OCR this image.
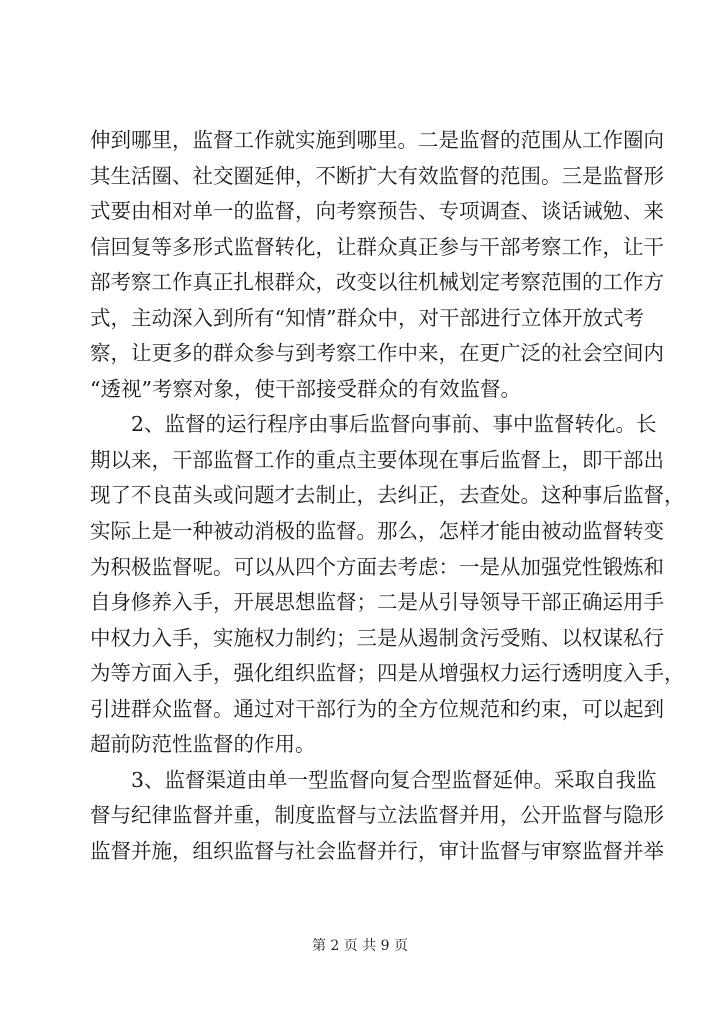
伸到哪里，监督工作就实施到哪里。二是监督的范围从工作圈向
其生活圈、社交圈延伸，不断扩大有效监督的范围。三是监督形
式要由相对单一的监督，向考察预告、专项调查、谈话诫勉、来
信回复等多形式监督转化，让群众真正参与干部考察工作，让干
部考察工作真正扎根群众，改变以往机械划定考察范围的工作方
式，主动深入到所有“知情”群众中，对干部进行立体开放式考
察，让更多的群众参与到考察工作中来，在更广泛的社会空间内
“透视”考察对象，使干部接受群众的有效监督。
2、监督的运行程序由事后监督向事前、事中监督转化。长
期以来，干部监督工作的重点主要体现在事后监督上，即干部出
现了不良苗头或问题才去制止，去纠正，去查处。这种事后监督，
实际上是一种被动消极的监督。那么，怎样才能由被动监督转变
为积极监督呢。可以从四个方面去考虑：一是从加强党性锻炼和
自身修养入手，开展思想监督；二是从引导领导干部正确运用手
中权力入手，实施权力制约；三是从遏制贪污受贿、以权谋私行
为等方面入手，强化组织监督；四是从增强权力运行透明度入手，
引进群众监督。通过对干部行为的全方位规范和约束，可以起到
超前防范性监督的作用。
3、监督渠道由单一型监督向复合型监督延伸。采取自我监
督与纪律监督并重，制度监督与立法监督并用，公开监督与隐形
监督并施，组织监督与社会监督并行，审计监督与审察监督并举
第 2 页 共 9 页
